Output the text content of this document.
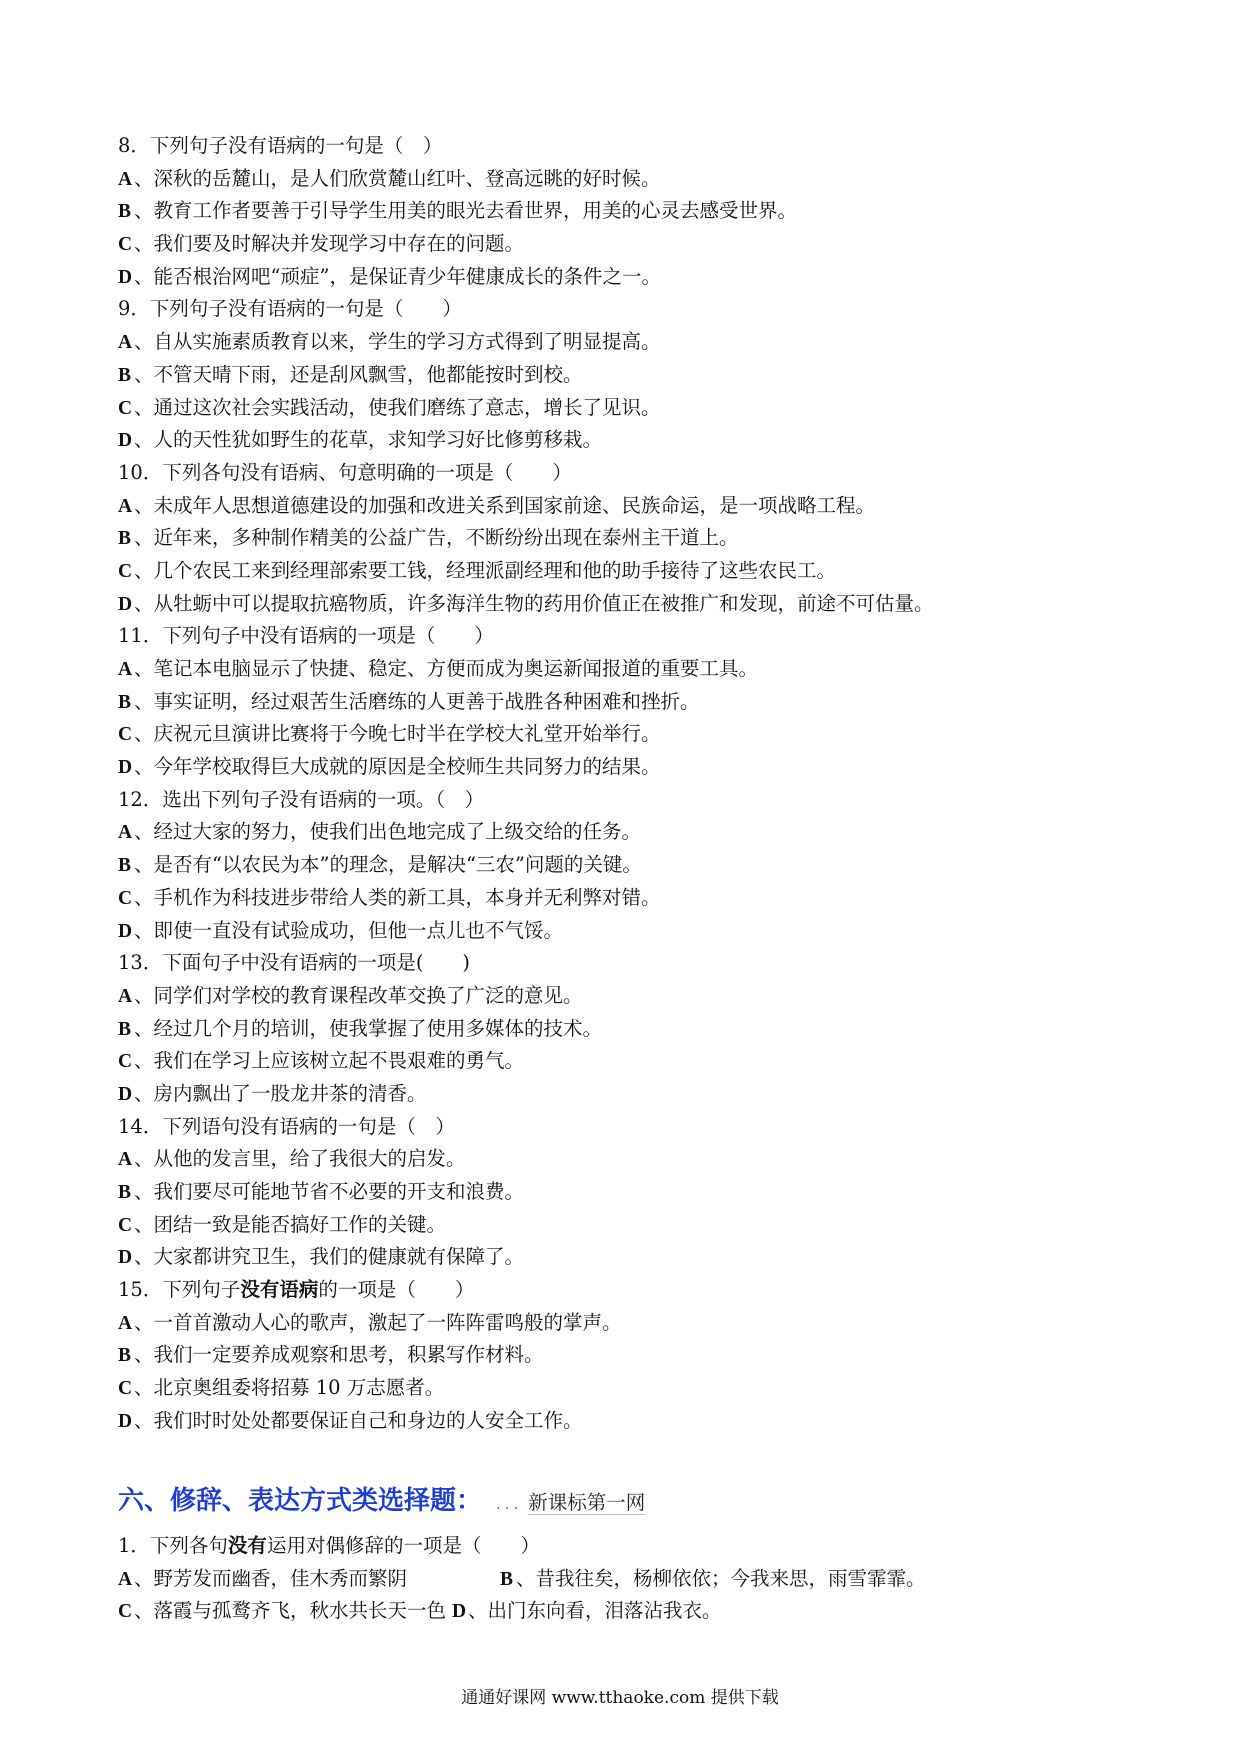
8．下列句子没有语病的一句是（　）
A、深秋的岳麓山，是人们欣赏麓山红叶、登高远眺的好时候。
B 、教育工作者要善于引导学生用美的眼光去看世界，用美的心灵去感受世界。
C、我们要及时解决并发现学习中存在的问题。
D、能否根治网吧“顽症”，是保证青少年健康成长的条件之一。
9．下列句子没有语病的一句是（　　）
A、自从实施素质教育以来，学生的学习方式得到了明显提高。
B 、不管天晴下雨，还是刮风飘雪，他都能按时到校。
C、通过这次社会实践活动，使我们磨练了意志，增长了见识。
D、人的天性犹如野生的花草，求知学习好比修剪移栽。
10．下列各句没有语病、句意明确的一项是（　　）
A、未成年人思想道德建设的加强和改进关系到国家前途、民族命运，是一项战略工程。
B 、近年来，多种制作精美的公益广告，不断纷纷出现在泰州主干道上。
C、几个农民工来到经理部索要工钱，经理派副经理和他的助手接待了这些农民工。
D、从牡蛎中可以提取抗癌物质，许多海洋生物的药用价值正在被推广和发现，前途不可估量。
11．下列句子中没有语病的一项是（　　）
A、笔记本电脑显示了快捷、稳定、方便而成为奥运新闻报道的重要工具。
B 、事实证明，经过艰苦生活磨练的人更善于战胜各种困难和挫折。
C、庆祝元旦演讲比赛将于今晚七时半在学校大礼堂开始举行。
D、今年学校取得巨大成就的原因是全校师生共同努力的结果。
12．选出下列句子没有语病的一项。（　）
A、经过大家的努力，使我们出色地完成了上级交给的任务。
B 、是否有“以农民为本”的理念，是解决“三农”问题的关键。
C、手机作为科技进步带给人类的新工具，本身并无利弊对错。
D、即使一直没有试验成功，但他一点儿也不气馁。
13．下面句子中没有语病的一项是(　　)
A、同学们对学校的教育课程改革交换了广泛的意见。
B 、经过几个月的培训，使我掌握了使用多媒体的技术。
C、我们在学习上应该树立起不畏艰难的勇气。
D、房内飘出了一股龙井茶的清香。
14．下列语句没有语病的一句是（　）
A、从他的发言里，给了我很大的启发。
B 、我们要尽可能地节省不必要的开支和浪费。
C、团结一致是能否搞好工作的关键。
D、大家都讲究卫生，我们的健康就有保障了。
15．下列句子没有语病的一项是（　　）
A、一首首激动人心的歌声，激起了一阵阵雷鸣般的掌声。
B 、我们一定要养成观察和思考，积累写作材料。
C、北京奥组委将招募 10 万志愿者。
D、我们时时处处都要保证自己和身边的人安全工作。
六、修辞、表达方式类选择题： . . . 新课标第一网
1．下列各句没有运用对偶修辞的一项是（　　）
A、野芳发而幽香，佳木秀而繁阴	B 、昔我往矣，杨柳依依；今我来思，雨雪霏霏。
C、落霞与孤鹜齐飞，秋水共长天一色 D、出门东向看，泪落沾我衣。
通通好课网 www.tthaoke.com 提供下载
